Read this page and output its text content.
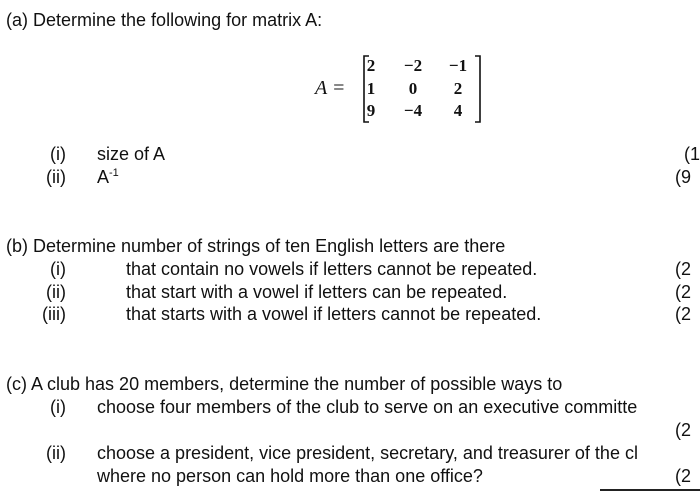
(a) Determine the following for matrix A:
A =
2	−2	−1
1	0	2
9	−4	4
(i) size of A	(1
(ii) $A^{-1}$	(9
(b) Determine number of strings of ten English letters are there
(i)	that contain no vowels if letters cannot be repeated.	(2
(ii)	that start with a vowel if letters can be repeated.	(2
(iii)	that starts with a vowel if letters cannot be repeated.	(2
(c) A club has 20 members, determine the number of possible ways to
(i) choose four members of the club to serve on an executive committe
(2
(ii) choose a president, vice president, secretary, and treasurer of the cl
where no person can hold more than one office?	(2
